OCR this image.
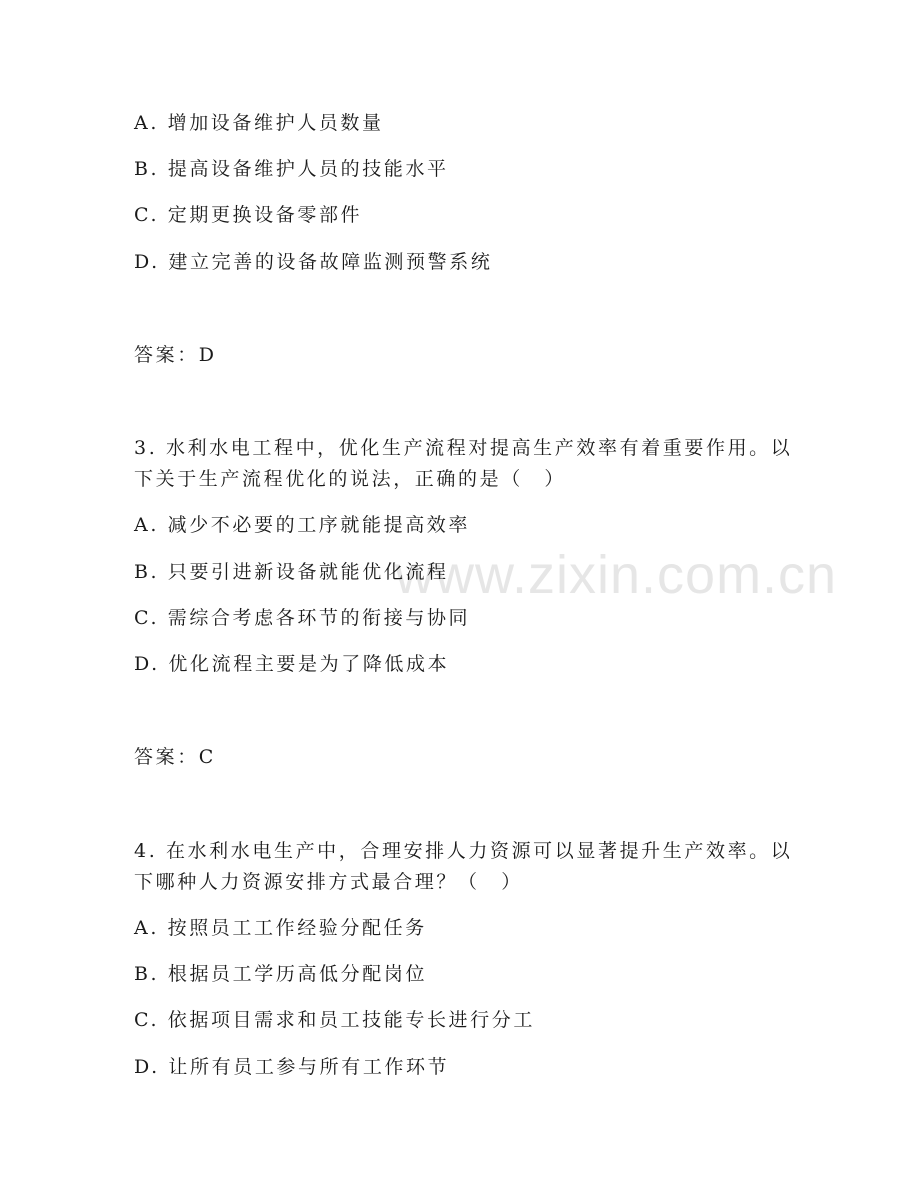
www.zixin.com.cn
A. 增加设备维护人员数量
B. 提高设备维护人员的技能水平
C. 定期更换设备零部件
D. 建立完善的设备故障监测预警系统
答案：D
3. 水利水电工程中，优化生产流程对提高生产效率有着重要作用。以
下关于生产流程优化的说法，正确的是（　）
A. 减少不必要的工序就能提高效率
B. 只要引进新设备就能优化流程
C. 需综合考虑各环节的衔接与协同
D. 优化流程主要是为了降低成本
答案：C
4. 在水利水电生产中，合理安排人力资源可以显著提升生产效率。以
下哪种人力资源安排方式最合理？（　）
A. 按照员工工作经验分配任务
B. 根据员工学历高低分配岗位
C. 依据项目需求和员工技能专长进行分工
D. 让所有员工参与所有工作环节
